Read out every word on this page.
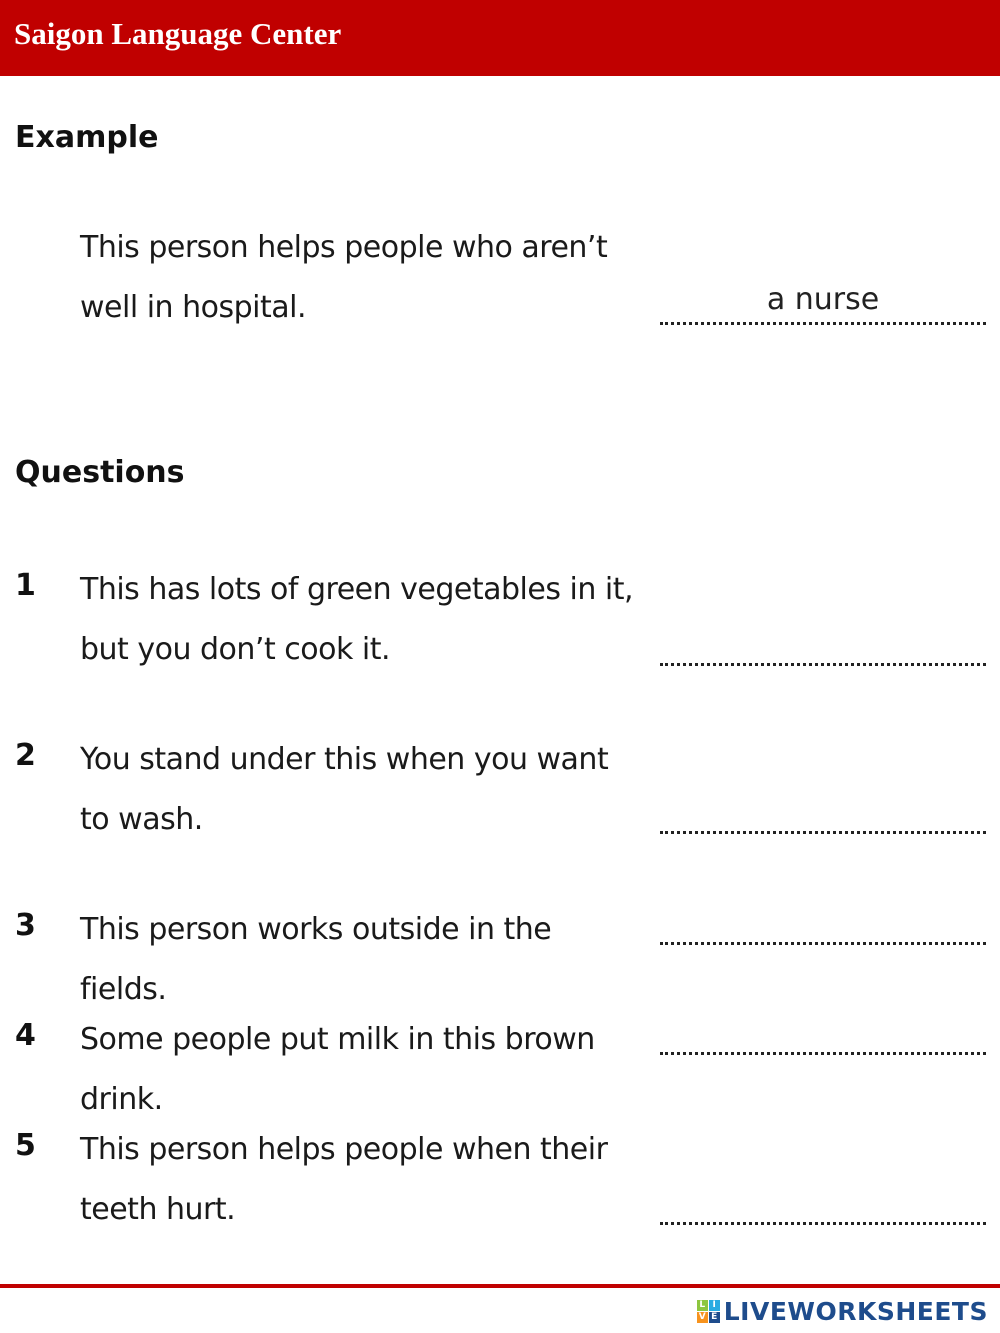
Saigon Language Center
Example
This person helps people who aren’t
well in hospital.	a nurse
Questions
1	This has lots of green vegetables in it,
but you don’t cook it.
2	You stand under this when you want
to wash.
3	This person works outside in the fields.
4	Some people put milk in this brown drink.
5	This person helps people when their
teeth hurt.
L I
V E LIVEWORKSHEETS
